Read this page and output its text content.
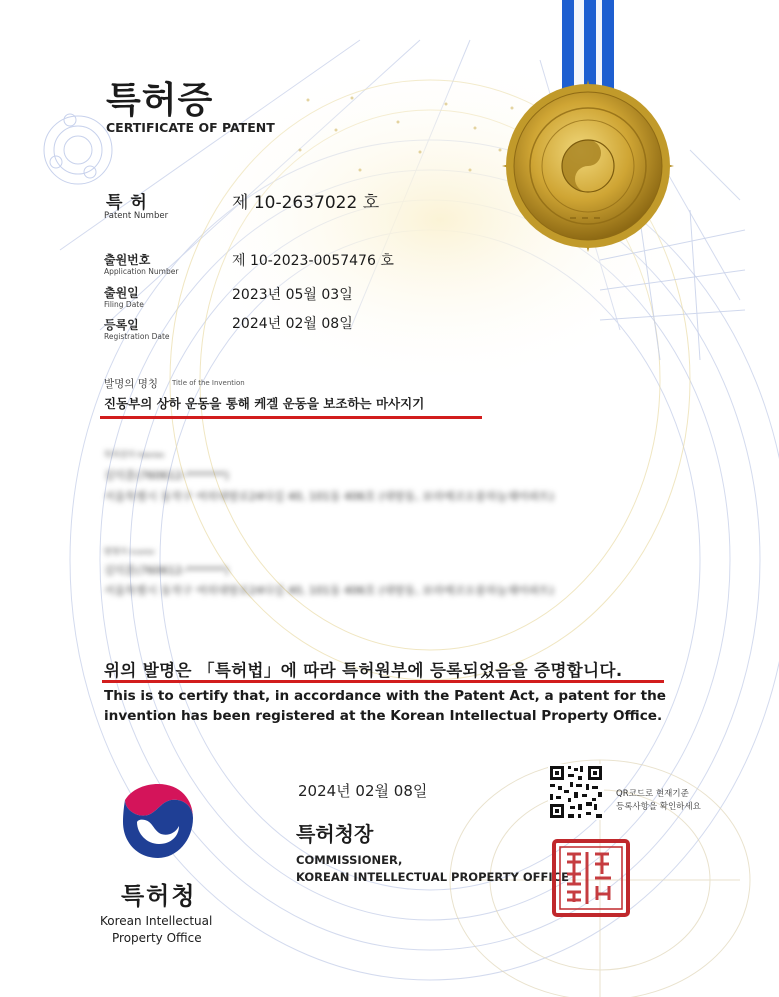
특허증
CERTIFICATE OF PATENT
특허
Patent Number
제 10-2637022 호
출원번호
Application Number
제 10-2023-0057476 호
출원일
Filing Date
2023년 05월 03일
등록일
Registration Date
2024년 02월 08일
발명의 명칭 Title of the Invention
진동부의 상하 운동을 통해 케겔 운동을 보조하는 마사지기
특허권자 Patentee
김덕훈(760612-*******)
서울특별시 동작구 여의대방로24다길 40, 101동 406호 (대방동, 보라매코오롱하늘채아파트)
발명자 Inventor
김덕훈(760612-*******)
서울특별시 동작구 여의대방로24다길 40, 101동 406호 (대방동, 보라매코오롱하늘채아파트)
위의 발명은 「특허법」에 따라 특허원부에 등록되었음을 증명합니다.
This is to certify that, in accordance with the Patent Act, a patent for the
invention has been registered at the Korean Intellectual Property Office.
2024년 02월 08일
특허청장
COMMISSIONER,
KOREAN INTELLECTUAL PROPERTY OFFICE
QR코드로 현재기준
등록사항을 확인하세요
특허청
Korean Intellectual
Property Office
